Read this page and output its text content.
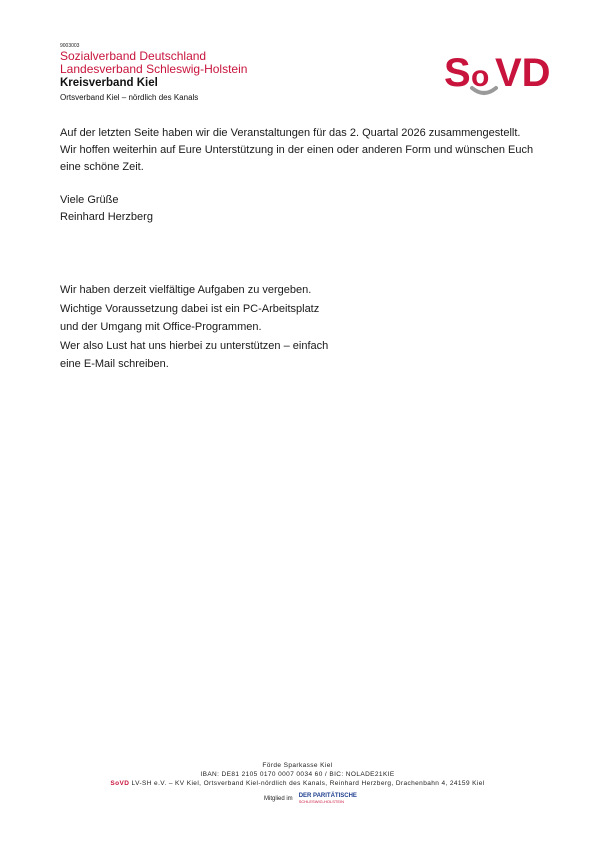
9003003
Sozialverband Deutschland
Landesverband Schleswig-Holstein
Kreisverband Kiel
Ortsverband Kiel – nördlich des Kanals
S o VD
Auf der letzten Seite haben wir die Veranstaltungen für das 2. Quartal 2026 zusammengestellt.
Wir hoffen weiterhin auf Eure Unterstützung in der einen oder anderen Form und wünschen Euch
eine schöne Zeit.
Viele Grüße
Reinhard Herzberg
Wir haben derzeit vielfältige Aufgaben zu vergeben.
Wichtige Voraussetzung dabei ist ein PC-Arbeitsplatz
und der Umgang mit Office-Programmen.
Wer also Lust hat uns hierbei zu unterstützen – einfach
eine E-Mail schreiben.
Förde Sparkasse Kiel
IBAN: DE81 2105 0170 0007 0034 60 / BIC: NOLADE21KIE
SoVD LV-SH e.V. – KV Kiel, Ortsverband Kiel-nördlich des Kanals, Reinhard Herzberg, Drachenbahn 4, 24159 Kiel
Mitglied im DER PARITÄTISCHE
SCHLESWIG-HOLSTEIN
